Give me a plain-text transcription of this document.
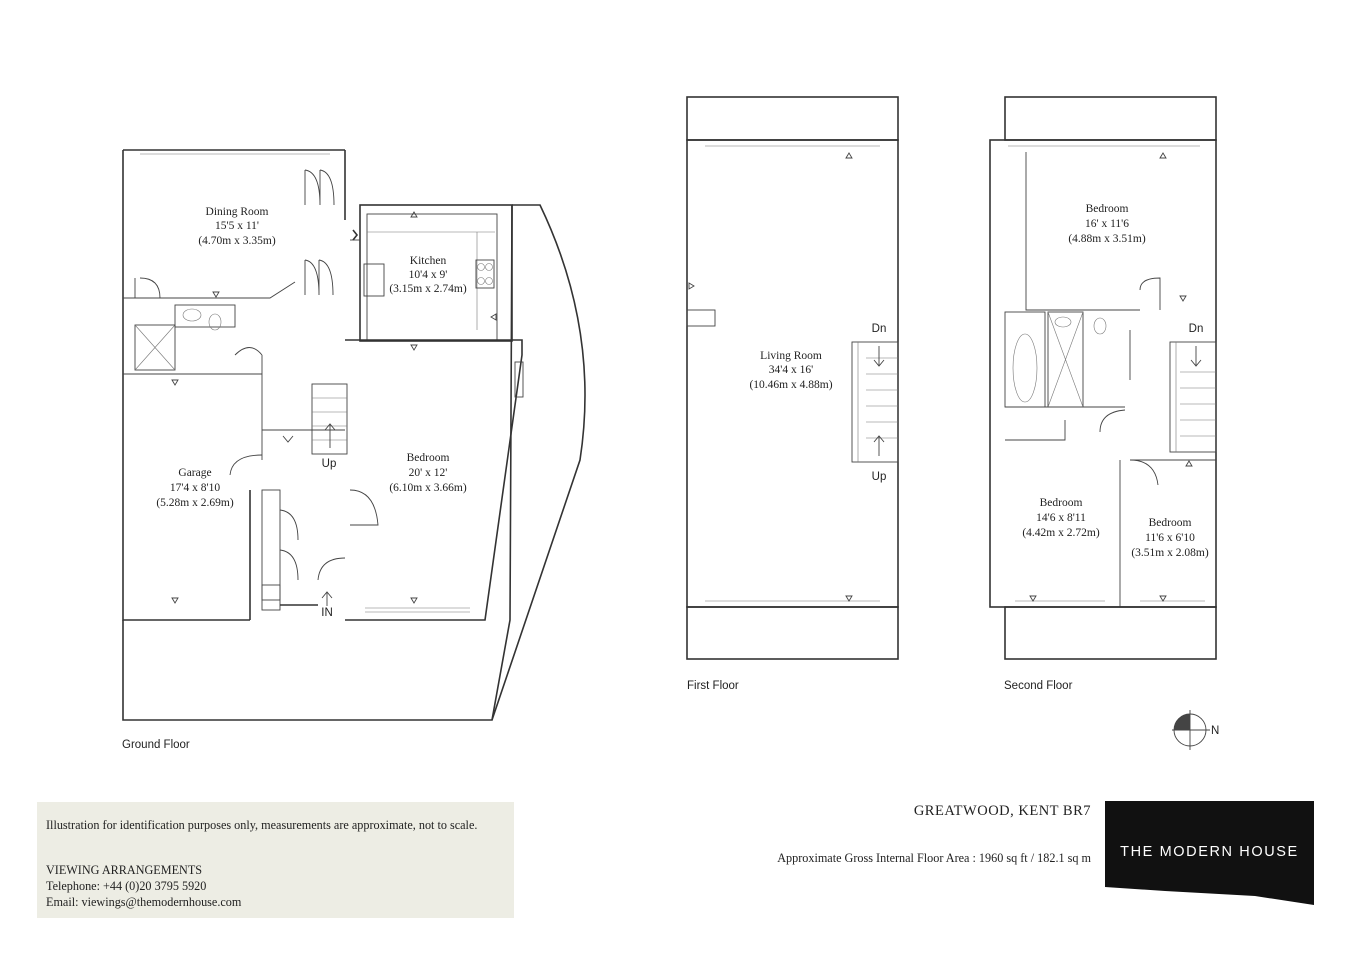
Dining Room
15'5 x 11'
(4.70m x 3.35m)
Kitchen
10'4 x 9'
(3.15m x 2.74m)
Garage
17'4 x 8'10
(5.28m x 2.69m)
Bedroom
20' x 12'
(6.10m x 3.66m)
Living Room
34'4 x 16'
(10.46m x 4.88m)
Bedroom
16' x 11'6
(4.88m x 3.51m)
Bedroom
14'6 x 8'11
(4.42m x 2.72m)
Bedroom
11'6 x 6'10
(3.51m x 2.08m)
Up
IN
Dn
Up
Dn
Ground Floor
First Floor	Second Floor
N
Illustration for identification purposes only, measurements are approximate, not to scale.
VIEWING ARRANGEMENTS
Telephone: +44 (0)20 3795 5920
Email: viewings@themodernhouse.com
GREATWOOD, KENT BR7
Approximate Gross Internal Floor Area : 1960 sq ft / 182.1 sq m	THE MODERN HOUSE
